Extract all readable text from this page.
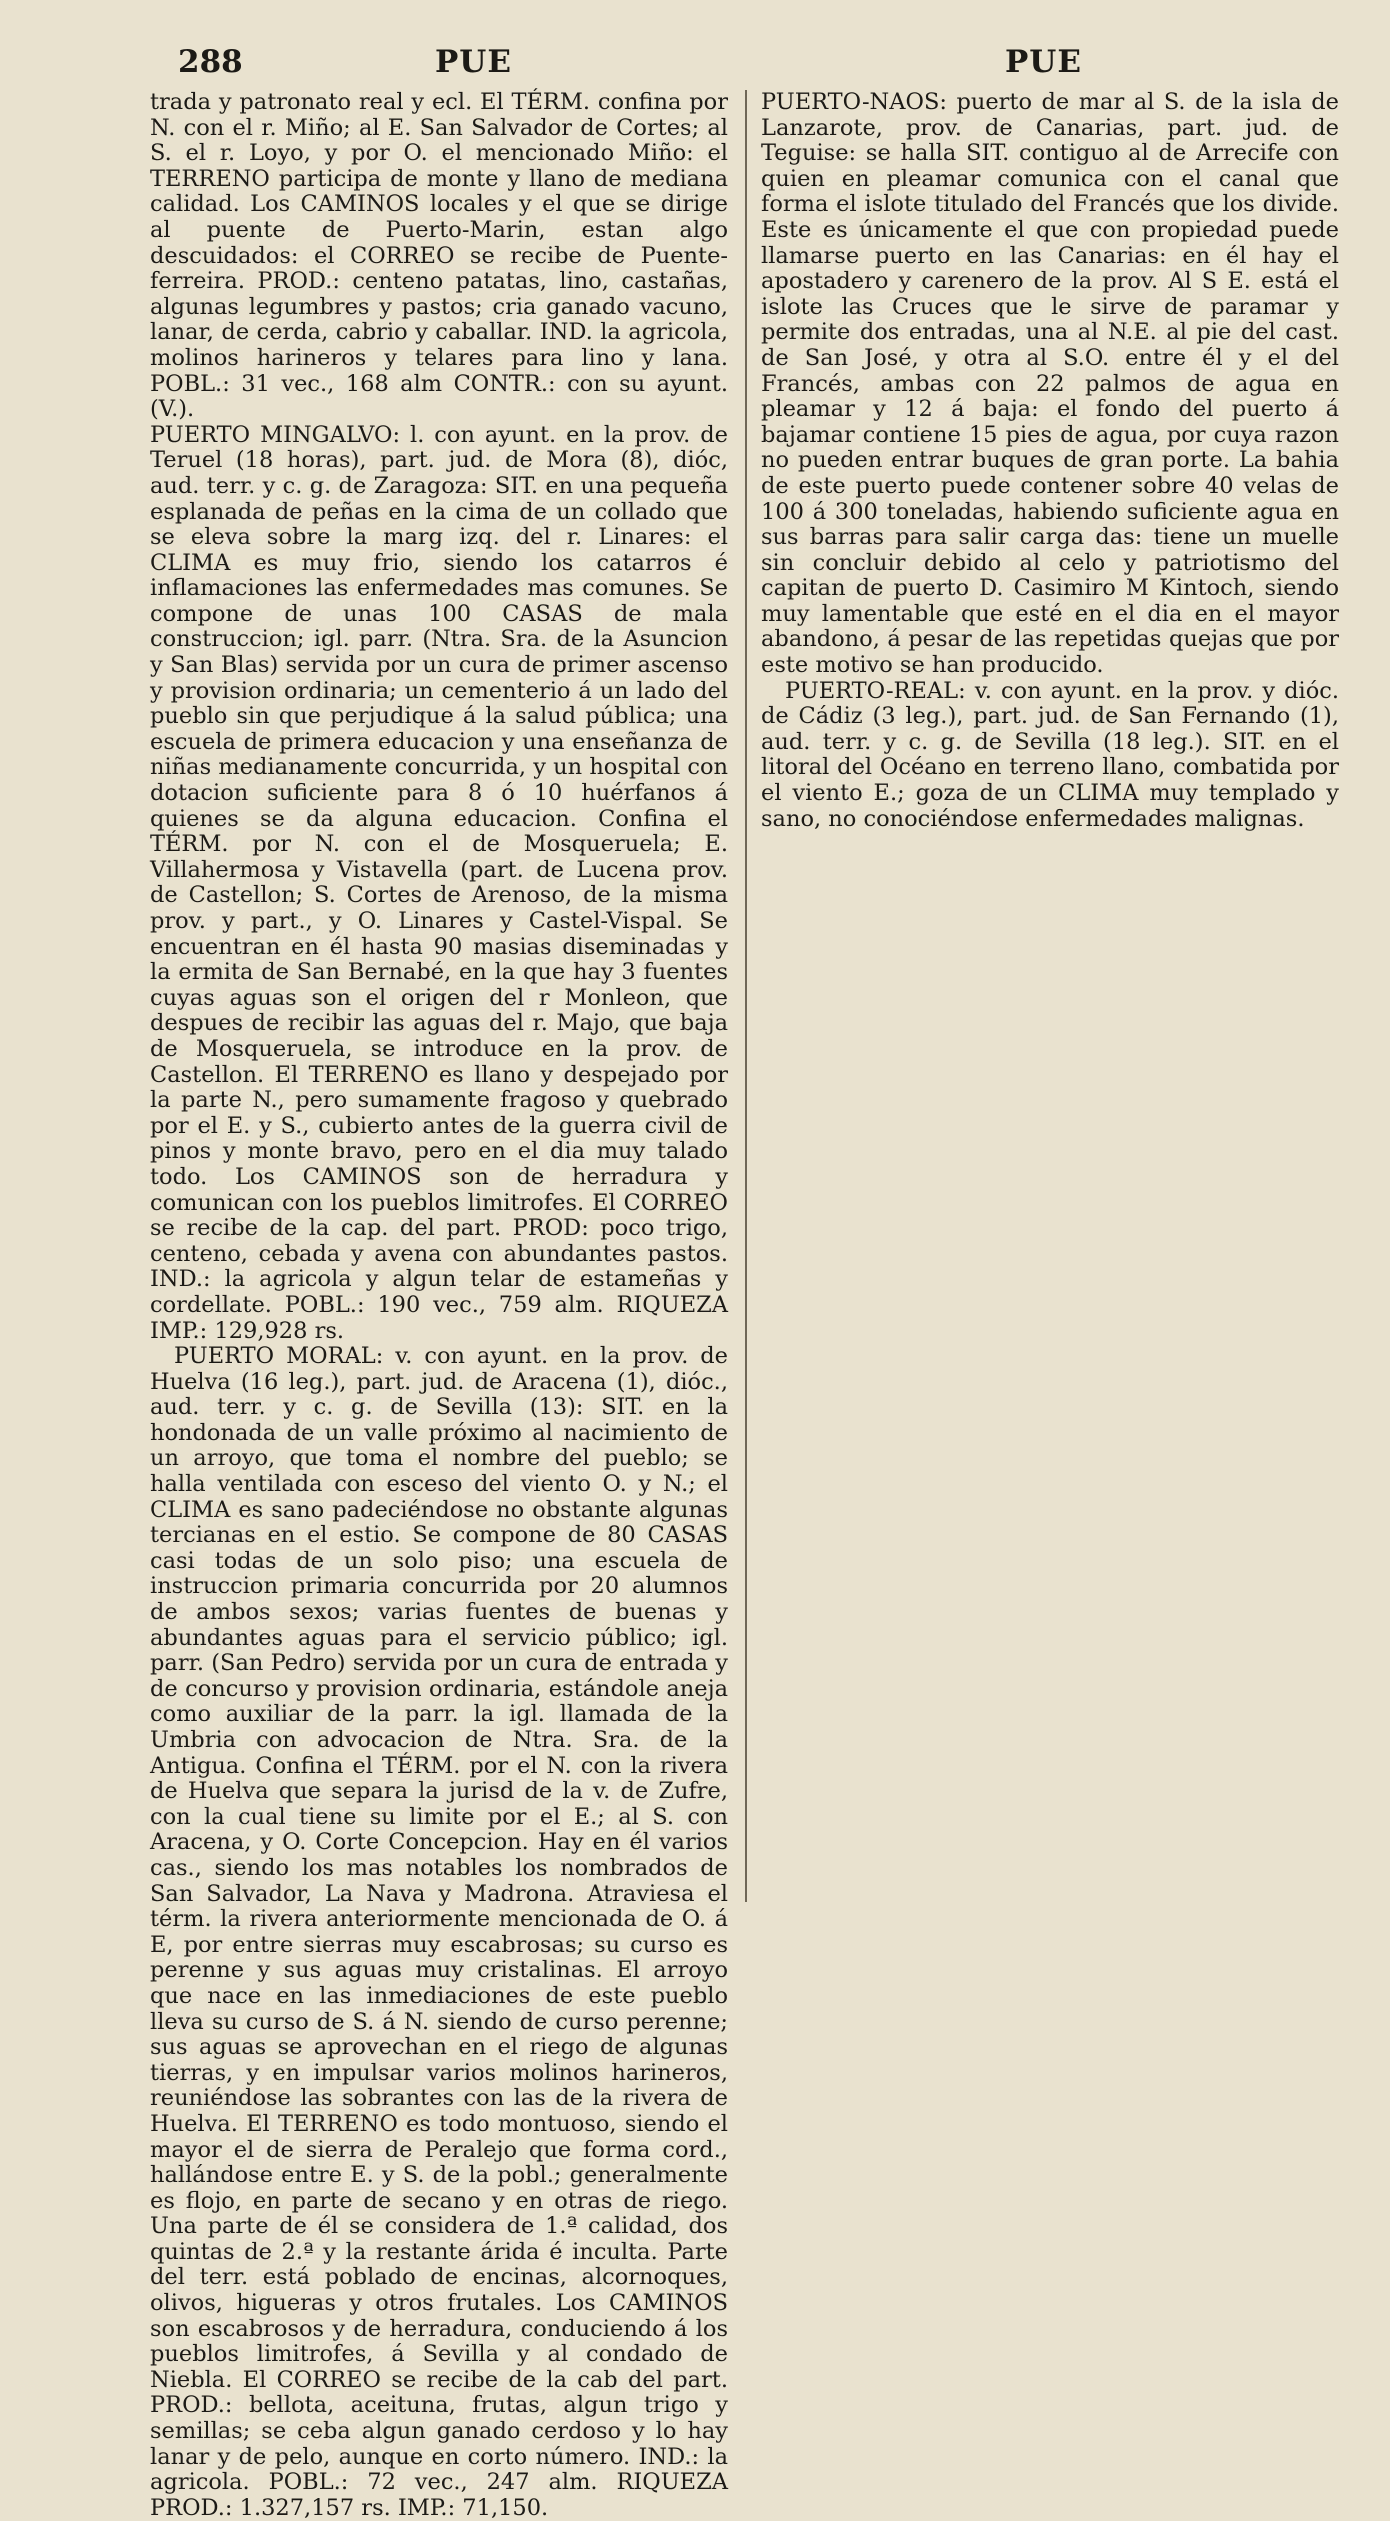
288	PUE	PUE

trada y patronato real y ecl. El TÉRM. confina por N. con el r. Miño; al E. San Salvador de Cortes; al S. el r. Loyo, y por O. el mencionado Miño: el TERRENO participa de monte y llano de mediana calidad. Los CAMINOS locales y el que se dirige al puente de Puerto-Marin, estan algo descuidados: el CORREO se recibe de Puente-ferreira. PROD.: centeno patatas, lino, castañas, algunas legumbres y pastos; cria ganado vacuno, lanar, de cerda, cabrio y caballar. IND. la agricola, molinos harineros y telares para lino y lana. POBL.: 31 vec., 168 alm CONTR.: con su ayunt. (V.).

PUERTO MINGALVO: l. con ayunt. en la prov. de Teruel (18 horas), part. jud. de Mora (8), dióc, aud. terr. y c. g. de Zaragoza: SIT. en una pequeña esplanada de peñas en la cima de un collado que se eleva sobre la marg izq. del r. Linares: el CLIMA es muy frio, siendo los catarros é inflamaciones las enfermedades mas comunes. Se compone de unas 100 CASAS de mala construccion; igl. parr. (Ntra. Sra. de la Asuncion y San Blas) servida por un cura de primer ascenso y provision ordinaria; un cementerio á un lado del pueblo sin que perjudique á la salud pública; una escuela de primera educacion y una enseñanza de niñas medianamente concurrida, y un hospital con dotacion suficiente para 8 ó 10 huérfanos á quienes se da alguna educacion. Confina el TÉRM. por N. con el de Mosqueruela; E. Villahermosa y Vistavella (part. de Lucena prov. de Castellon; S. Cortes de Arenoso, de la misma prov. y part., y O. Linares y Castel-Vispal. Se encuentran en él hasta 90 masias diseminadas y la ermita de San Bernabé, en la que hay 3 fuentes cuyas aguas son el origen del r Monleon, que despues de recibir las aguas del r. Majo, que baja de Mosqueruela, se introduce en la prov. de Castellon. El TERRENO es llano y despejado por la parte N., pero sumamente fragoso y quebrado por el E. y S., cubierto antes de la guerra civil de pinos y monte bravo, pero en el dia muy talado todo. Los CAMINOS son de herradura y comunican con los pueblos limitrofes. El CORREO se recibe de la cap. del part. PROD: poco trigo, centeno, cebada y avena con abundantes pastos. IND.: la agricola y algun telar de estameñas y cordellate. POBL.: 190 vec., 759 alm. RIQUEZA IMP.: 129,928 rs.

PUERTO MORAL: v. con ayunt. en la prov. de Huelva (16 leg.), part. jud. de Aracena (1), dióc., aud. terr. y c. g. de Sevilla (13): SIT. en la hondonada de un valle próximo al nacimiento de un arroyo, que toma el nombre del pueblo; se halla ventilada con esceso del viento O. y N.; el CLIMA es sano padeciéndose no obstante algunas tercianas en el estio. Se compone de 80 CASAS casi todas de un solo piso; una escuela de instruccion primaria concurrida por 20 alumnos de ambos sexos; varias fuentes de buenas y abundantes aguas para el servicio público; igl. parr. (San Pedro) servida por un cura de entrada y de concurso y provision ordinaria, estándole aneja como auxiliar de la parr. la igl. llamada de la Umbria con advocacion de Ntra. Sra. de la Antigua. Confina el TÉRM. por el N. con la rivera de Huelva que separa la jurisd de la v. de Zufre, con la cual tiene su limite por el E.; al S. con Aracena, y O. Corte Concepcion. Hay en él varios cas., siendo los mas notables los nombrados de San Salvador, La Nava y Madrona. Atraviesa el térm. la rivera anteriormente mencionada de O. á E, por entre sierras muy escabrosas; su curso es perenne y sus aguas muy cristalinas. El arroyo que nace en las inmediaciones de este pueblo lleva su curso de S. á N. siendo de curso perenne; sus aguas se aprovechan en el riego de algunas tierras, y en impulsar varios molinos harineros, reuniéndose las sobrantes con las de la rivera de Huelva. El TERRENO es todo montuoso, siendo el mayor el de sierra de Peralejo que forma cord., hallándose entre E. y S. de la pobl.; generalmente es flojo, en parte de secano y en otras de riego. Una parte de él se considera de 1.ª calidad, dos quintas de 2.ª y la restante árida é inculta. Parte del terr. está poblado de encinas, alcornoques, olivos, higueras y otros frutales. Los CAMINOS son escabrosos y de herradura, conduciendo á los pueblos limitrofes, á Sevilla y al condado de Niebla. El CORREO se recibe de la cab del part. PROD.: bellota, aceituna, frutas, algun trigo y semillas; se ceba algun ganado cerdoso y lo hay lanar y de pelo, aunque en corto número. IND.: la agricola. POBL.: 72 vec., 247 alm. RIQUEZA PROD.: 1.327,157 rs. IMP.: 71,150.

PUERTO-NAOS: puerto de mar al S. de la isla de Lanzarote, prov. de Canarias, part. jud. de Teguise: se halla SIT. contiguo al de Arrecife con quien en pleamar comunica con el canal que forma el islote titulado del Francés que los divide. Este es únicamente el que con propiedad puede llamarse puerto en las Canarias: en él hay el apostadero y carenero de la prov. Al S E. está el islote las Cruces que le sirve de paramar y permite dos entradas, una al N.E. al pie del cast. de San José, y otra al S.O. entre él y el del Francés, ambas con 22 palmos de agua en pleamar y 12 á baja: el fondo del puerto á bajamar contiene 15 pies de agua, por cuya razon no pueden entrar buques de gran porte. La bahia de este puerto puede contener sobre 40 velas de 100 á 300 toneladas, habiendo suficiente agua en sus barras para salir carga das: tiene un muelle sin concluir debido al celo y patriotismo del capitan de puerto D. Casimiro M Kintoch, siendo muy lamentable que esté en el dia en el mayor abandono, á pesar de las repetidas quejas que por este motivo se han producido.

PUERTO-REAL: v. con ayunt. en la prov. y dióc. de Cádiz (3 leg.), part. jud. de San Fernando (1), aud. terr. y c. g. de Sevilla (18 leg.). SIT. en el litoral del Océano en terreno llano, combatida por el viento E.; goza de un CLIMA muy templado y sano, no conociéndose enfermedades malignas.
